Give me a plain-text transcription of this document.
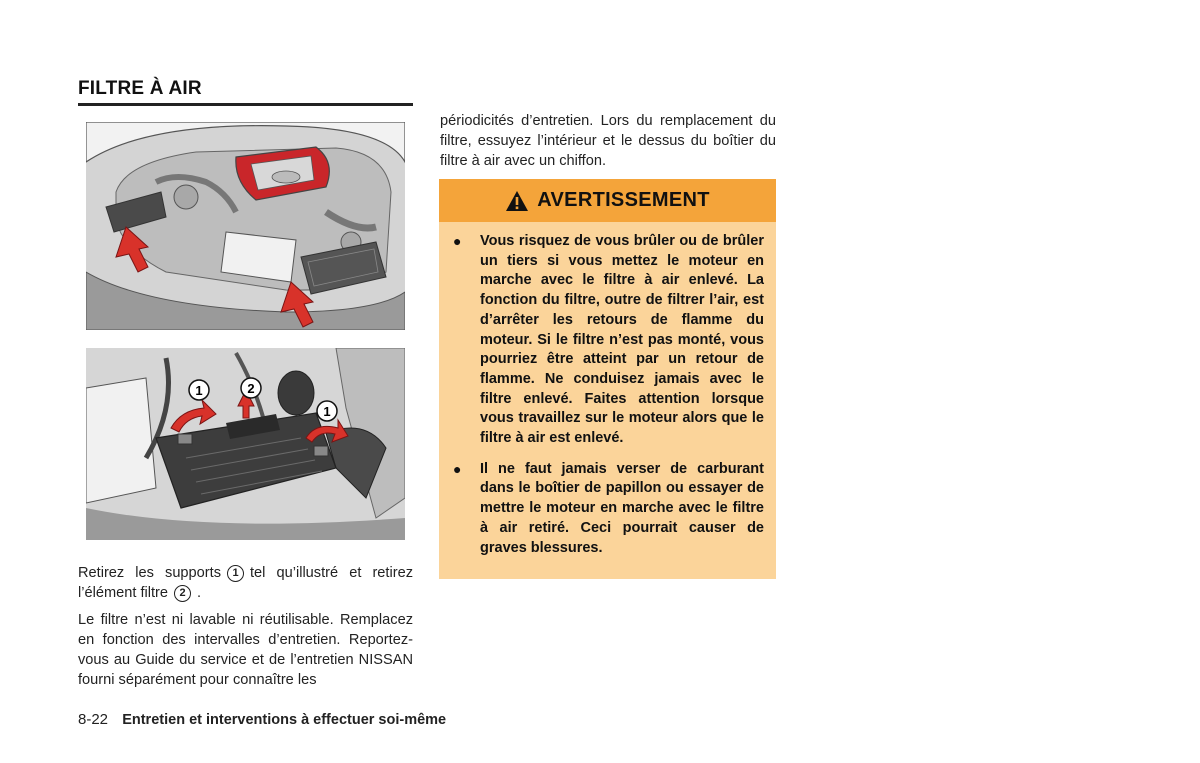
FILTRE À AIR
1	2
1
Retirez les supports 1 tel qu’illustré et retirez l’élément filtre 2 .
Le filtre n’est ni lavable ni réutilisable. Remplacez en fonction des intervalles d’entretien. Reportez-vous au Guide du service et de l’entretien NISSAN fourni séparément pour connaître les
périodicités d’entretien. Lors du remplacement du filtre, essuyez l’intérieur et le dessus du boîtier du filtre à air avec un chiffon.
AVERTISSEMENT
● Vous risquez de vous brûler ou de brûler un tiers si vous mettez le moteur en marche avec le filtre à air enlevé. La fonction du filtre, outre de filtrer l’air, est d’arrêter les retours de flamme du moteur. Si le filtre n’est pas monté, vous pourriez être atteint par un retour de flamme. Ne conduisez jamais avec le filtre enlevé. Faites attention lorsque vous travaillez sur le moteur alors que le filtre à air est enlevé.
● Il ne faut jamais verser de carburant dans le boîtier de papillon ou essayer de mettre le moteur en marche avec le filtre à air retiré. Ceci pourrait causer de graves blessures.
8-22 Entretien et interventions à effectuer soi-même
